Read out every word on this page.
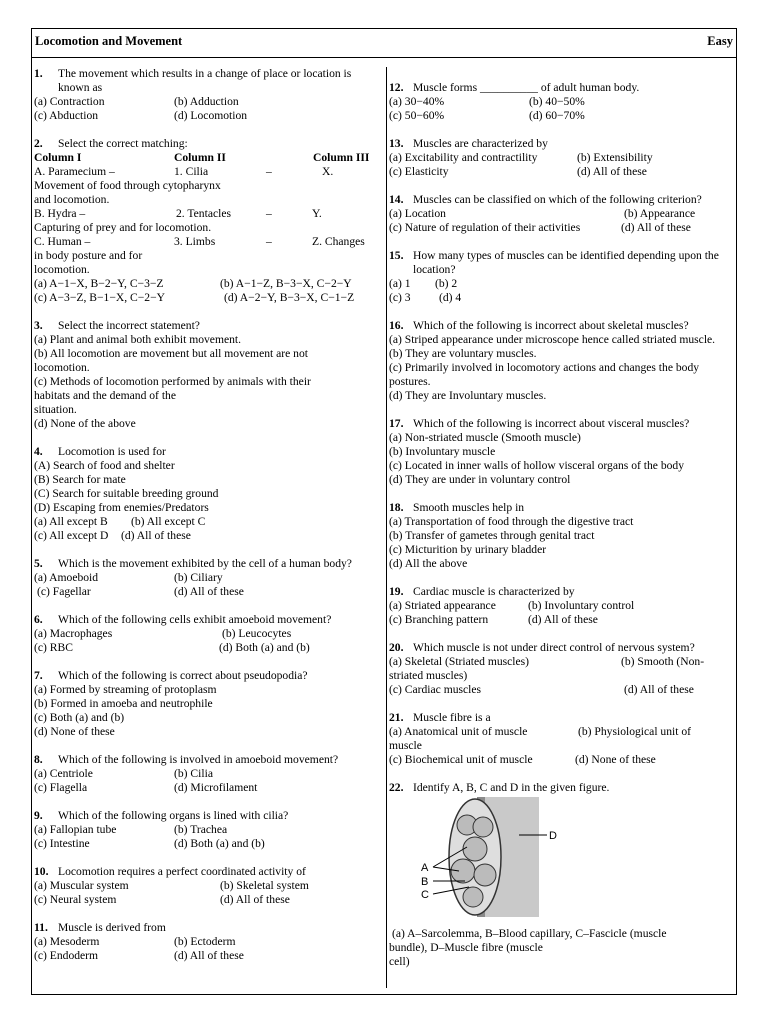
Locomotion and Movement	Easy
1. The movement which results in a change of place or location is known as
(a) Contraction	(b) Adduction
(c) Abduction	(d) Locomotion
2. Select the correct matching:
Column I	Column II	Column III
A. Paramecium –	1. Cilia	–	X.
Movement of food through cytopharynx
and locomotion.
B. Hydra –	2. Tentacles	–	Y.
Capturing of prey and for locomotion.
C. Human –	3. Limbs	–	Z. Changes
in body posture and for
locomotion.
(a) A−1−X, B−2−Y, C−3−Z	(b) A−1−Z, B−3−X, C−2−Y
(c) A−3−Z, B−1−X, C−2−Y	(d) A−2−Y, B−3−X, C−1−Z
3. Select the incorrect statement?
(a) Plant and animal both exhibit movement.
(b) All locomotion are movement but all movement are not
locomotion.
(c) Methods of locomotion performed by animals with their
habitats and the demand of the
situation.
(d) None of the above
4. Locomotion is used for
(A) Search of food and shelter
(B) Search for mate
(C) Search for suitable breeding ground
(D) Escaping from enemies/Predators
(a) All except B	(b) All except C
(c) All except D	(d) All of these
5. Which is the movement exhibited by the cell of a human body?
(a) Amoeboid	(b) Ciliary
(c) Fagellar	(d) All of these
6. Which of the following cells exhibit amoeboid movement?
(a) Macrophages	(b) Leucocytes
(c) RBC	(d) Both (a) and (b)
7. Which of the following is correct about pseudopodia?
(a) Formed by streaming of protoplasm
(b) Formed in amoeba and neutrophile
(c) Both (a) and (b)
(d) None of these
8. Which of the following is involved in amoeboid movement?
(a) Centriole	(b) Cilia
(c) Flagella	(d) Microfilament
9. Which of the following organs is lined with cilia?
(a) Fallopian tube	(b) Trachea
(c) Intestine	(d) Both (a) and (b)
10. Locomotion requires a perfect coordinated activity of
(a) Muscular system	(b) Skeletal system
(c) Neural system	(d) All of these
11. Muscle is derived from
(a) Mesoderm	(b) Ectoderm
(c) Endoderm	(d) All of these
12. Muscle forms __________ of adult human body.
(a) 30−40%	(b) 40−50%
(c) 50−60%	(d) 60−70%
13. Muscles are characterized by
(a) Excitability and contractility	(b) Extensibility
(c) Elasticity	(d) All of these
14. Muscles can be classified on which of the following criterion?
(a) Location	(b) Appearance
(c) Nature of regulation of their activities	(d) All of these
15. How many types of muscles can be identified depending upon the location?
(a) 1	(b) 2
(c) 3	(d) 4
16. Which of the following is incorrect about skeletal muscles?
(a) Striped appearance under microscope hence called striated muscle.
(b) They are voluntary muscles.
(c) Primarily involved in locomotory actions and changes the body postures.
(d) They are Involuntary muscles.
17. Which of the following is incorrect about visceral muscles?
(a) Non-striated muscle (Smooth muscle)
(b) Involuntary muscle
(c) Located in inner walls of hollow visceral organs of the body
(d) They are under in voluntary control
18. Smooth muscles help in
(a) Transportation of food through the digestive tract
(b) Transfer of gametes through genital tract
(c) Micturition by urinary bladder
(d) All the above
19. Cardiac muscle is characterized by
(a) Striated appearance	(b) Involuntary control
(c) Branching pattern	(d) All of these
20. Which muscle is not under direct control of nervous system?
(a) Skeletal (Striated muscles)	(b) Smooth (Non-
striated muscles)
(c) Cardiac muscles	(d) All of these
21. Muscle fibre is a
(a) Anatomical unit of muscle	(b) Physiological unit of
muscle
(c) Biochemical unit of muscle	(d) None of these
22. Identify A, B, C and D in the given figure.
A
B
C
D
(a) A–Sarcolemma, B–Blood capillary, C–Fascicle (muscle
bundle), D–Muscle fibre (muscle
cell)
